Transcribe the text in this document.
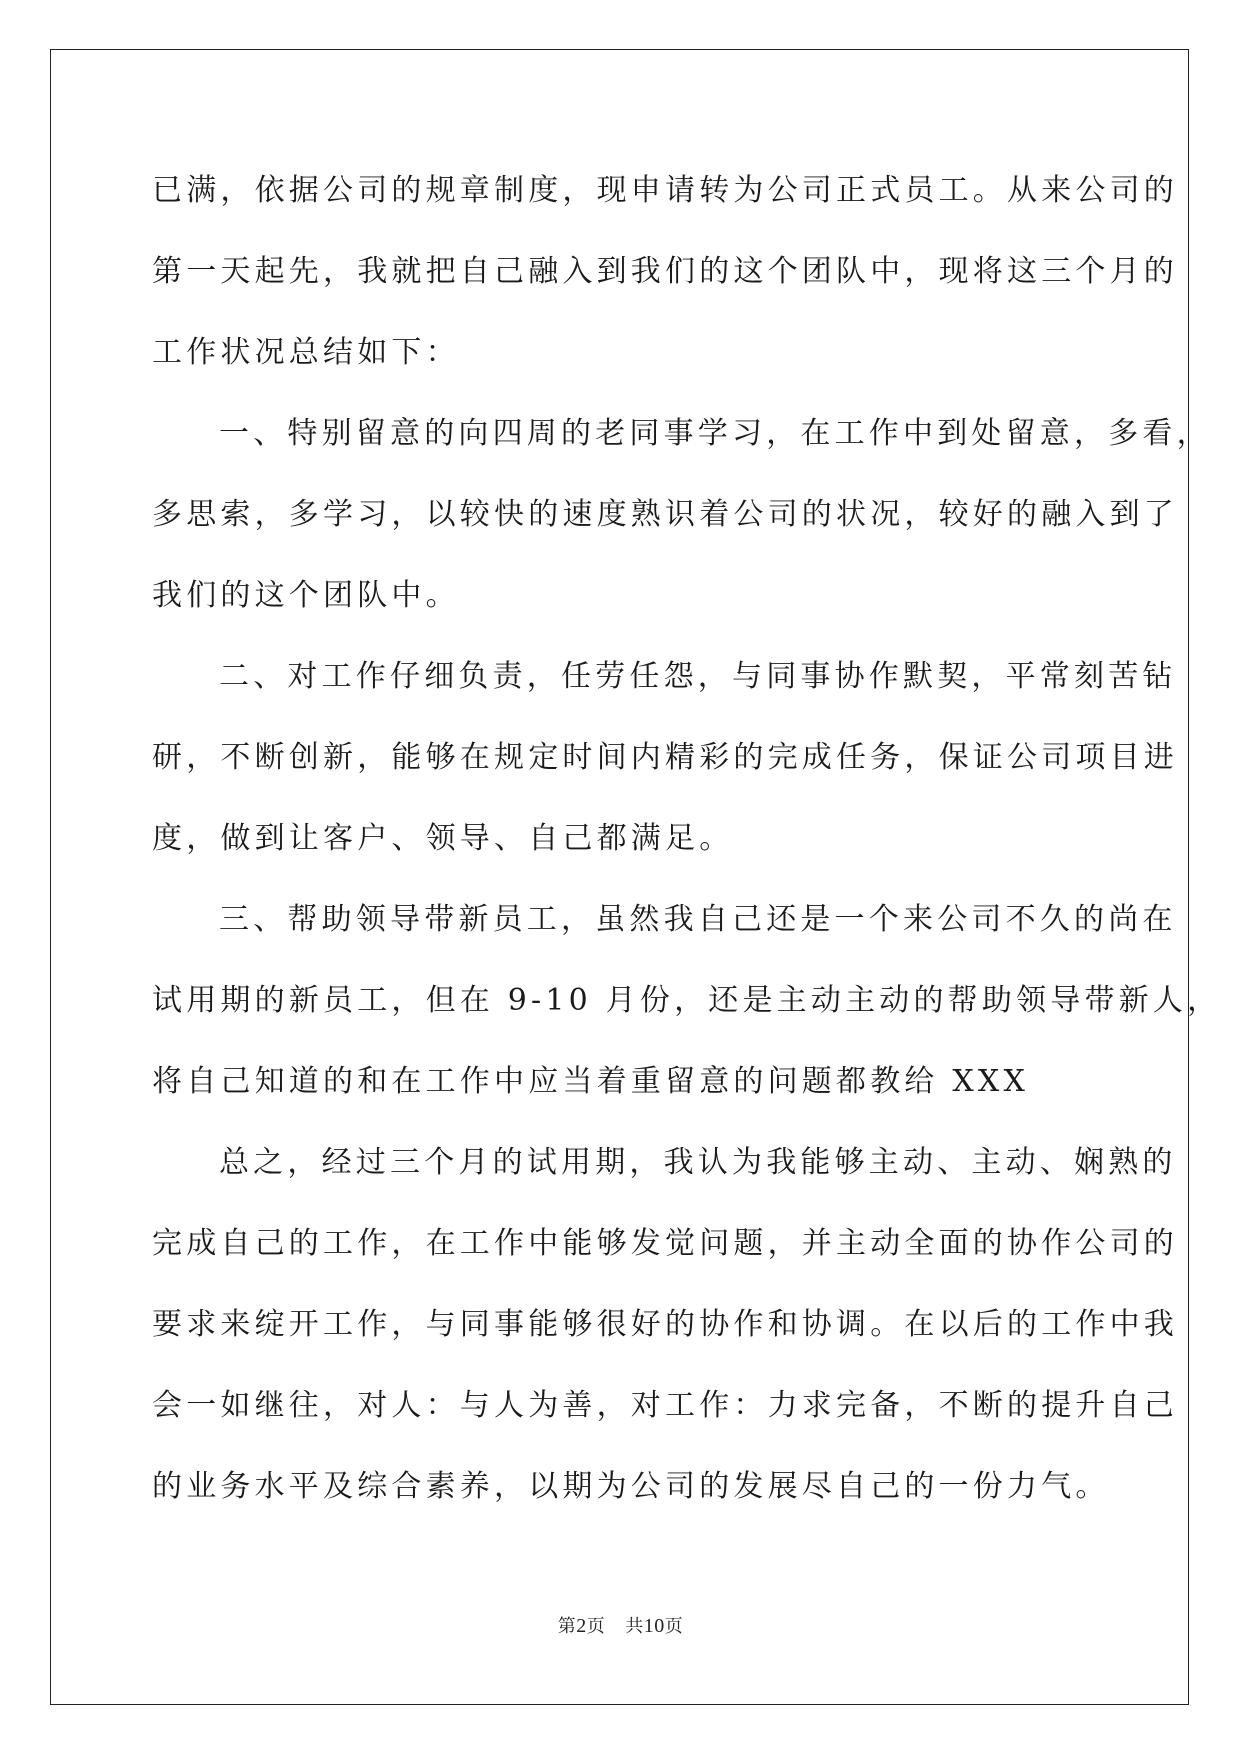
已满，依据公司的规章制度，现申请转为公司正式员工。从来公司的
第一天起先，我就把自己融入到我们的这个团队中，现将这三个月的
工作状况总结如下：
一、特别留意的向四周的老同事学习，在工作中到处留意，多看，
多思索，多学习，以较快的速度熟识着公司的状况，较好的融入到了
我们的这个团队中。
二、对工作仔细负责，任劳任怨，与同事协作默契，平常刻苦钻
研，不断创新，能够在规定时间内精彩的完成任务，保证公司项目进
度，做到让客户、领导、自己都满足。
三、帮助领导带新员工，虽然我自己还是一个来公司不久的尚在
试用期的新员工，但在 9-10 月份，还是主动主动的帮助领导带新人，
将自己知道的和在工作中应当着重留意的问题都教给 XXX
总之，经过三个月的试用期，我认为我能够主动、主动、娴熟的
完成自己的工作，在工作中能够发觉问题，并主动全面的协作公司的
要求来绽开工作，与同事能够很好的协作和协调。在以后的工作中我
会一如继往，对人：与人为善，对工作：力求完备，不断的提升自己
的业务水平及综合素养，以期为公司的发展尽自己的一份力气。
第2页 共10页
